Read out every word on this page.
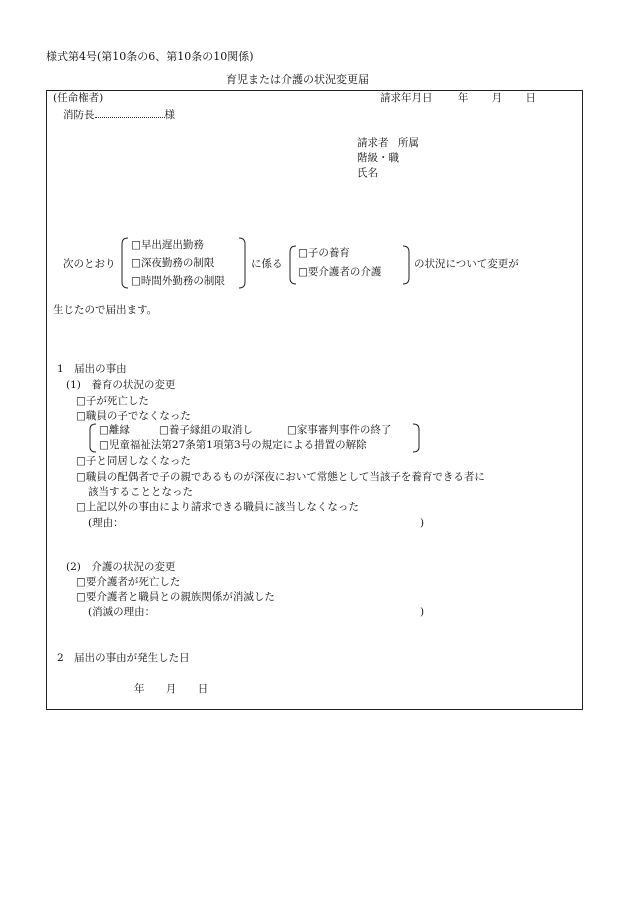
様式第4号(第10条の6、第10条の10関係)
育児または介護の状況変更届
(任命権者)
消防長	様
請求年月日 年 月 日
請求者 所属
階級・職
氏名
次のとおり
□早出遅出勤務
□深夜勤務の制限
□時間外勤務の制限
に係る
□子の養育
□要介護者の介護
の状況について変更が
生じたので届出ます。
1　届出の事由
(1)　養育の状況の変更
□子が死亡した
□職員の子でなくなった
□離縁	□養子縁組の取消し	□家事審判事件の終了
□児童福祉法第27条第1項第3号の規定による措置の解除
□子と同居しなくなった
□職員の配偶者で子の親であるものが深夜において常態として当該子を養育できる者に
該当することとなった
□上記以外の事由により請求できる職員に該当しなくなった
(理由：	)
(2)　介護の状況の変更
□要介護者が死亡した
□要介護者と職員との親族関係が消滅した
(消滅の理由：	)
2　届出の事由が発生した日
年 月 日
